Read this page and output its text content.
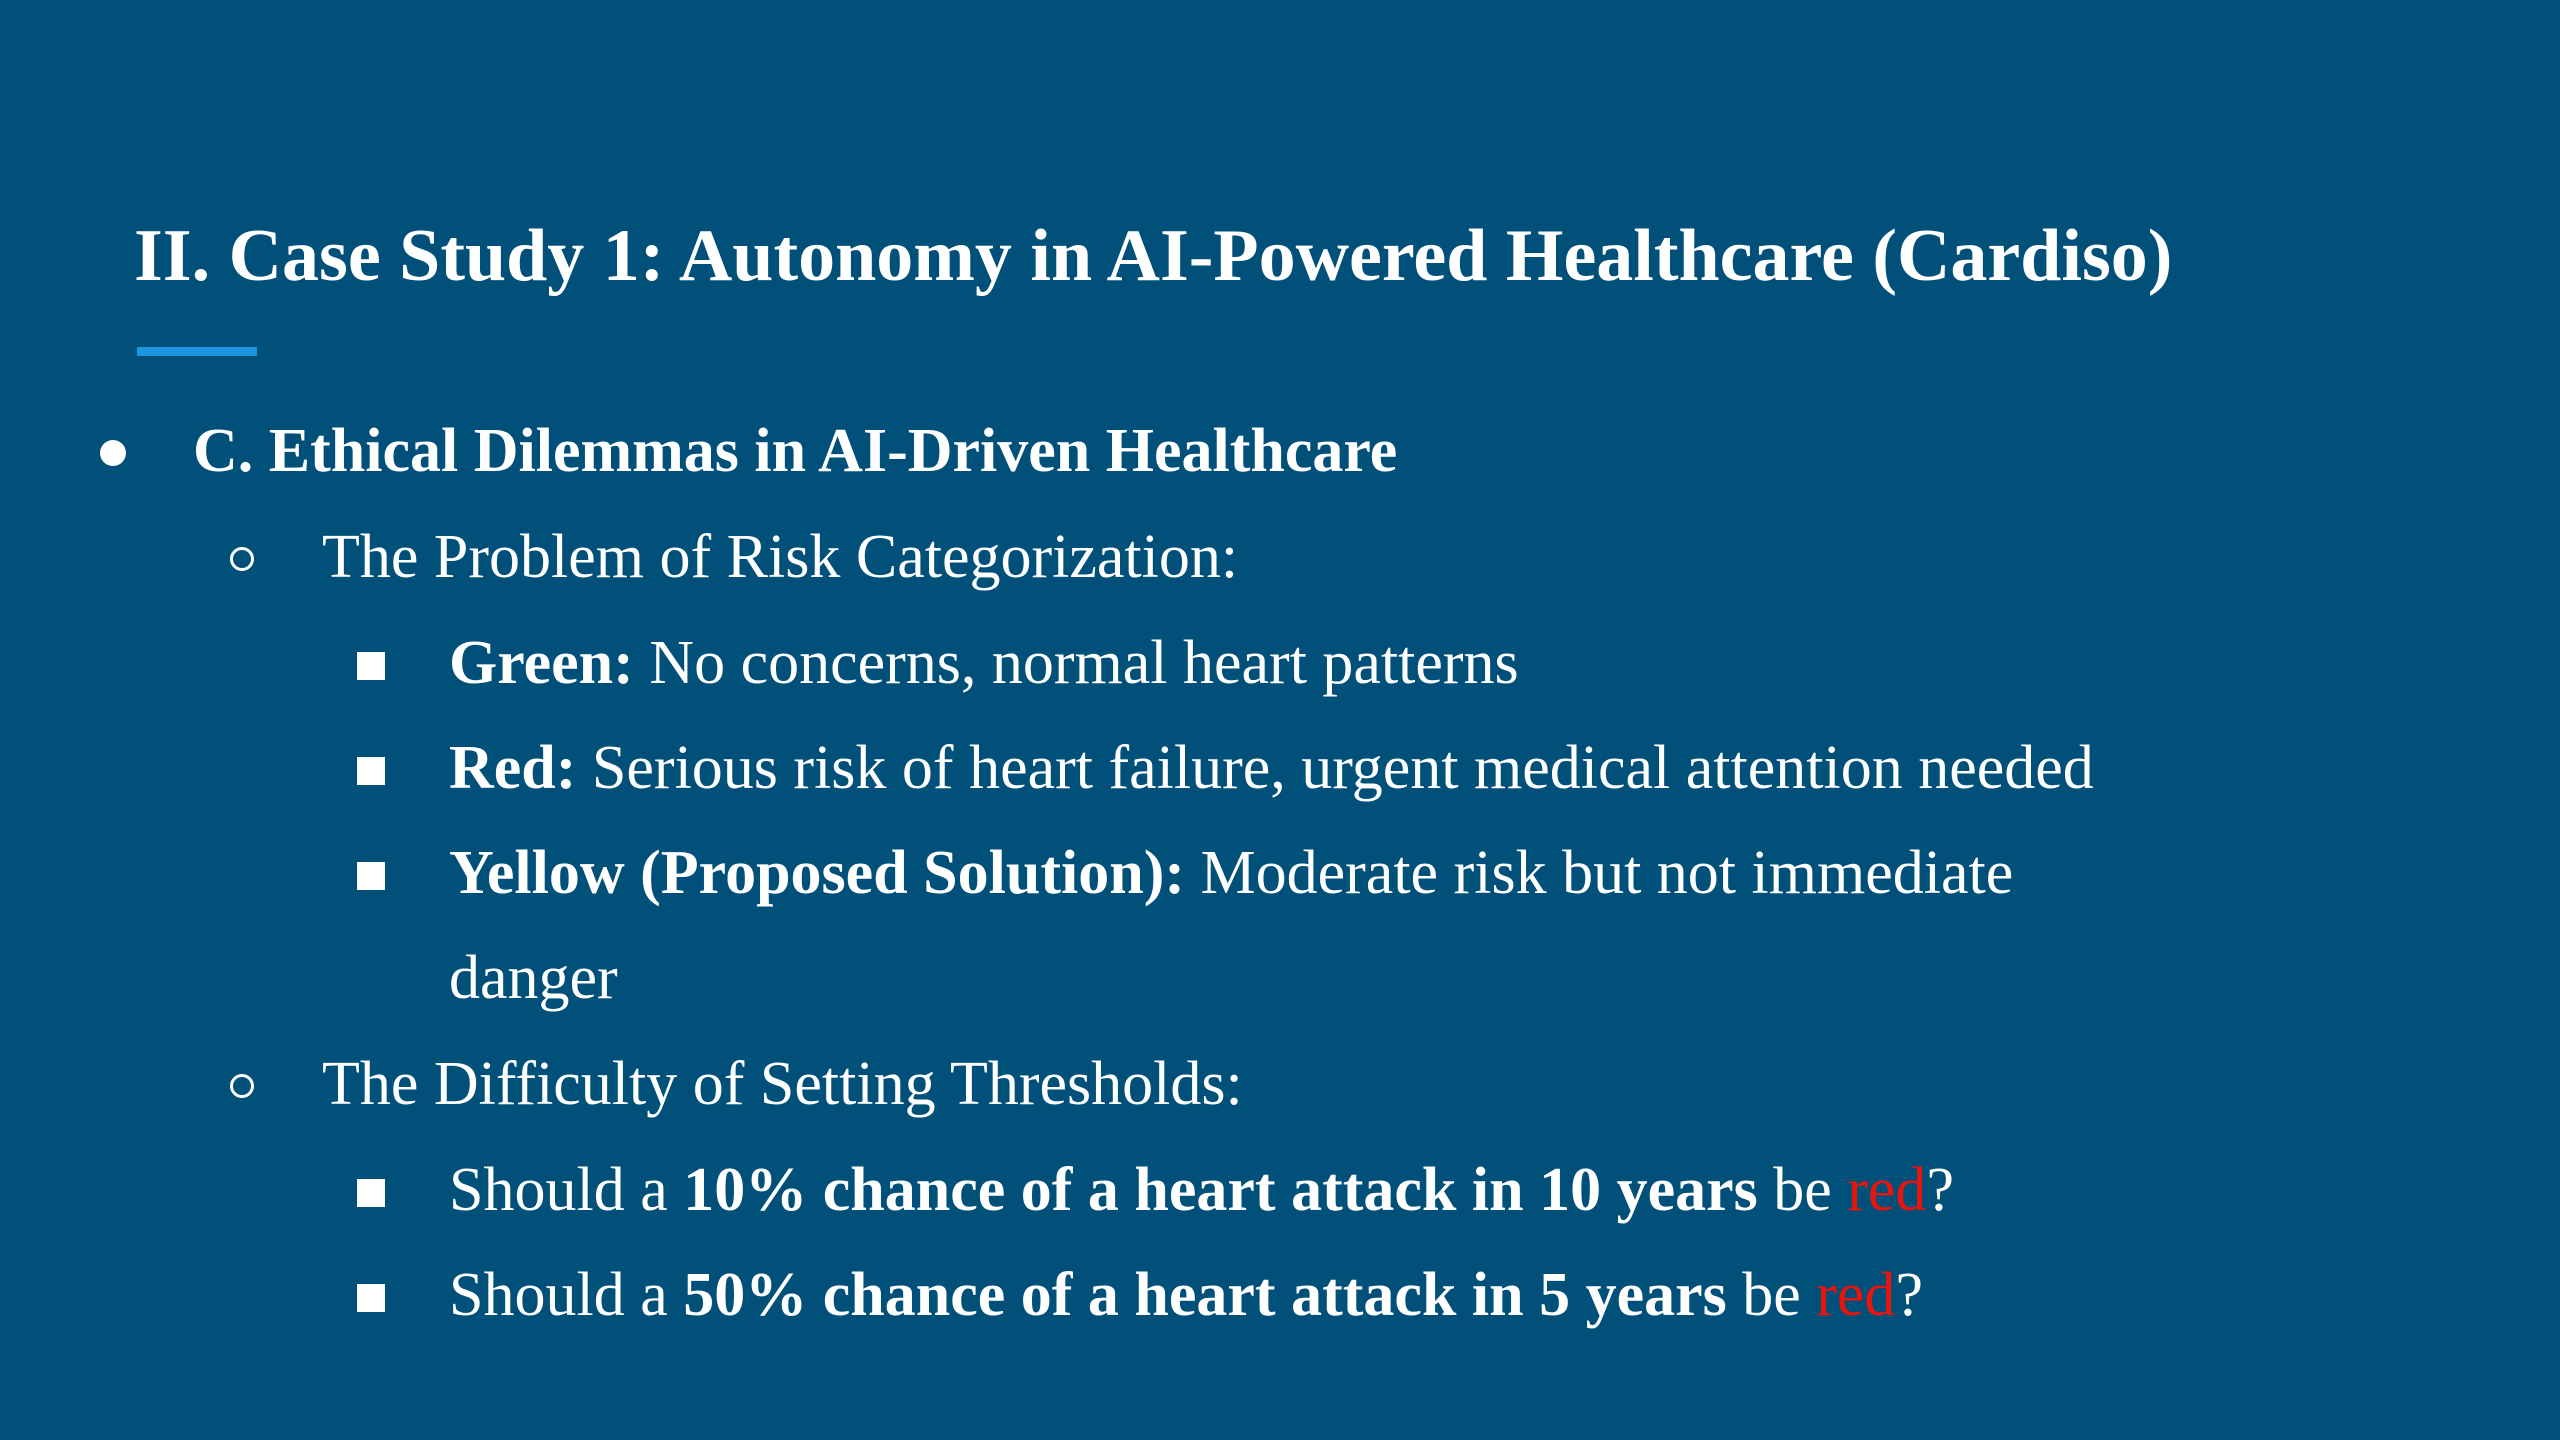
II. Case Study 1: Autonomy in AI-Powered Healthcare (Cardiso)
C. Ethical Dilemmas in AI-Driven Healthcare
The Problem of Risk Categorization:
Green: No concerns, normal heart patterns
Red: Serious risk of heart failure, urgent medical attention needed
Yellow (Proposed Solution): Moderate risk but not immediate
danger
The Difficulty of Setting Thresholds:
Should a 10% chance of a heart attack in 10 years be red?
Should a 50% chance of a heart attack in 5 years be red?
